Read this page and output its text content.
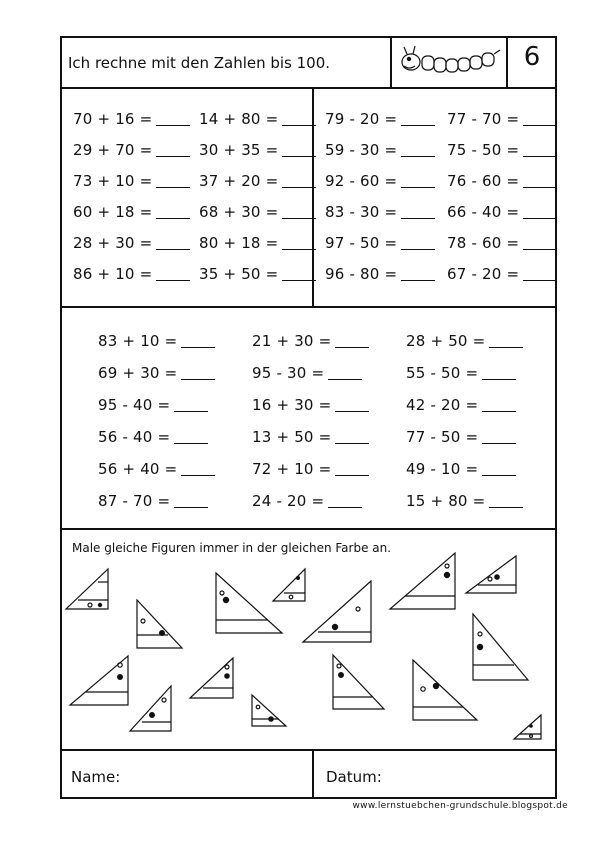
Ich rechne mit den Zahlen bis 100.	6
70 + 16 =
29 + 70 =
73 + 10 =
60 + 18 =
28 + 30 =
86 + 10 =
14 + 80 =
30 + 35 =
37 + 20 =
68 + 30 =
80 + 18 =
35 + 50 =
79 - 20 =
59 - 30 =
92 - 60 =
83 - 30 =
97 - 50 =
96 - 80 =
77 - 70 =
75 - 50 =
76 - 60 =
66 - 40 =
78 - 60 =
67 - 20 =
83 + 10 =
69 + 30 =
95 - 40 =
56 - 40 =
56 + 40 =
87 - 70 =
21 + 30 =
95 - 30 =
16 + 30 =
13 + 50 =
72 + 10 =
24 - 20 =
28 + 50 =
55 - 50 =
42 - 20 =
77 - 50 =
49 - 10 =
15 + 80 =
Male gleiche Figuren immer in der gleichen Farbe an.
Name:	Datum:
www.lernstuebchen-grundschule.blogspot.de
